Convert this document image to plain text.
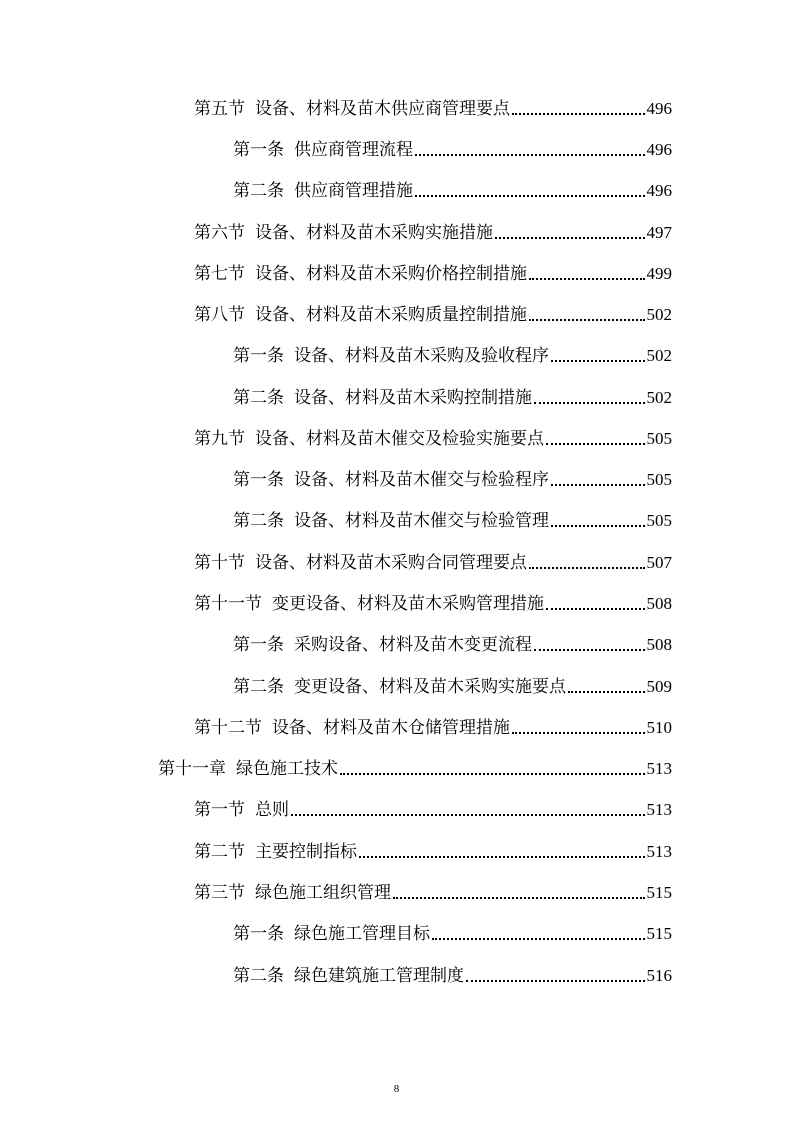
第五节 设备、材料及苗木供应商管理要点	496
第一条 供应商管理流程	496
第二条 供应商管理措施	496
第六节 设备、材料及苗木采购实施措施	497
第七节 设备、材料及苗木采购价格控制措施	499
第八节 设备、材料及苗木采购质量控制措施	502
第一条 设备、材料及苗木采购及验收程序	502
第二条 设备、材料及苗木采购控制措施	502
第九节 设备、材料及苗木催交及检验实施要点	505
第一条 设备、材料及苗木催交与检验程序	505
第二条 设备、材料及苗木催交与检验管理	505
第十节 设备、材料及苗木采购合同管理要点	507
第十一节 变更设备、材料及苗木采购管理措施	508
第一条 采购设备、材料及苗木变更流程	508
第二条 变更设备、材料及苗木采购实施要点	509
第十二节 设备、材料及苗木仓储管理措施	510
第十一章 绿色施工技术	513
第一节 总则	513
第二节 主要控制指标	513
第三节 绿色施工组织管理	515
第一条 绿色施工管理目标	515
第二条 绿色建筑施工管理制度	516
8
